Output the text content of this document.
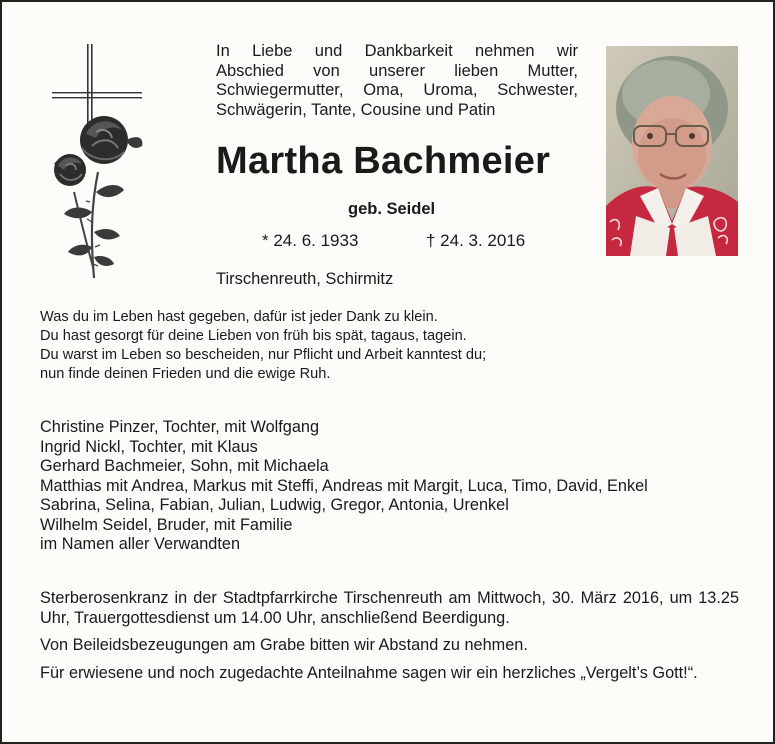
In Liebe und Dankbarkeit nehmen wir
Abschied von unserer lieben Mutter,
Schwiegermutter, Oma, Uroma, Schwester,
Schwägerin, Tante, Cousine und Patin
Martha Bachmeier
geb. Seidel
* 24. 6. 1933	† 24. 3. 2016
Tirschenreuth, Schirmitz
Was du im Leben hast gegeben, dafür ist jeder Dank zu klein.
Du hast gesorgt für deine Lieben von früh bis spät, tagaus, tagein.
Du warst im Leben so bescheiden, nur Pflicht und Arbeit kanntest du;
nun finde deinen Frieden und die ewige Ruh.
Christine Pinzer, Tochter, mit Wolfgang
Ingrid Nickl, Tochter, mit Klaus
Gerhard Bachmeier, Sohn, mit Michaela
Matthias mit Andrea, Markus mit Steffi, Andreas mit Margit, Luca, Timo, David, Enkel
Sabrina, Selina, Fabian, Julian, Ludwig, Gregor, Antonia, Urenkel
Wilhelm Seidel, Bruder, mit Familie
im Namen aller Verwandten

Sterberosenkranz in der Stadtpfarrkirche Tirschenreuth am Mittwoch, 30. März 2016, um 13.25 Uhr, Trauergottesdienst um 14.00 Uhr, anschließend Beerdigung.

Von Beileidsbezeugungen am Grabe bitten wir Abstand zu nehmen.

Für erwiesene und noch zugedachte Anteilnahme sagen wir ein herzliches „Vergelt’s Gott!“.
